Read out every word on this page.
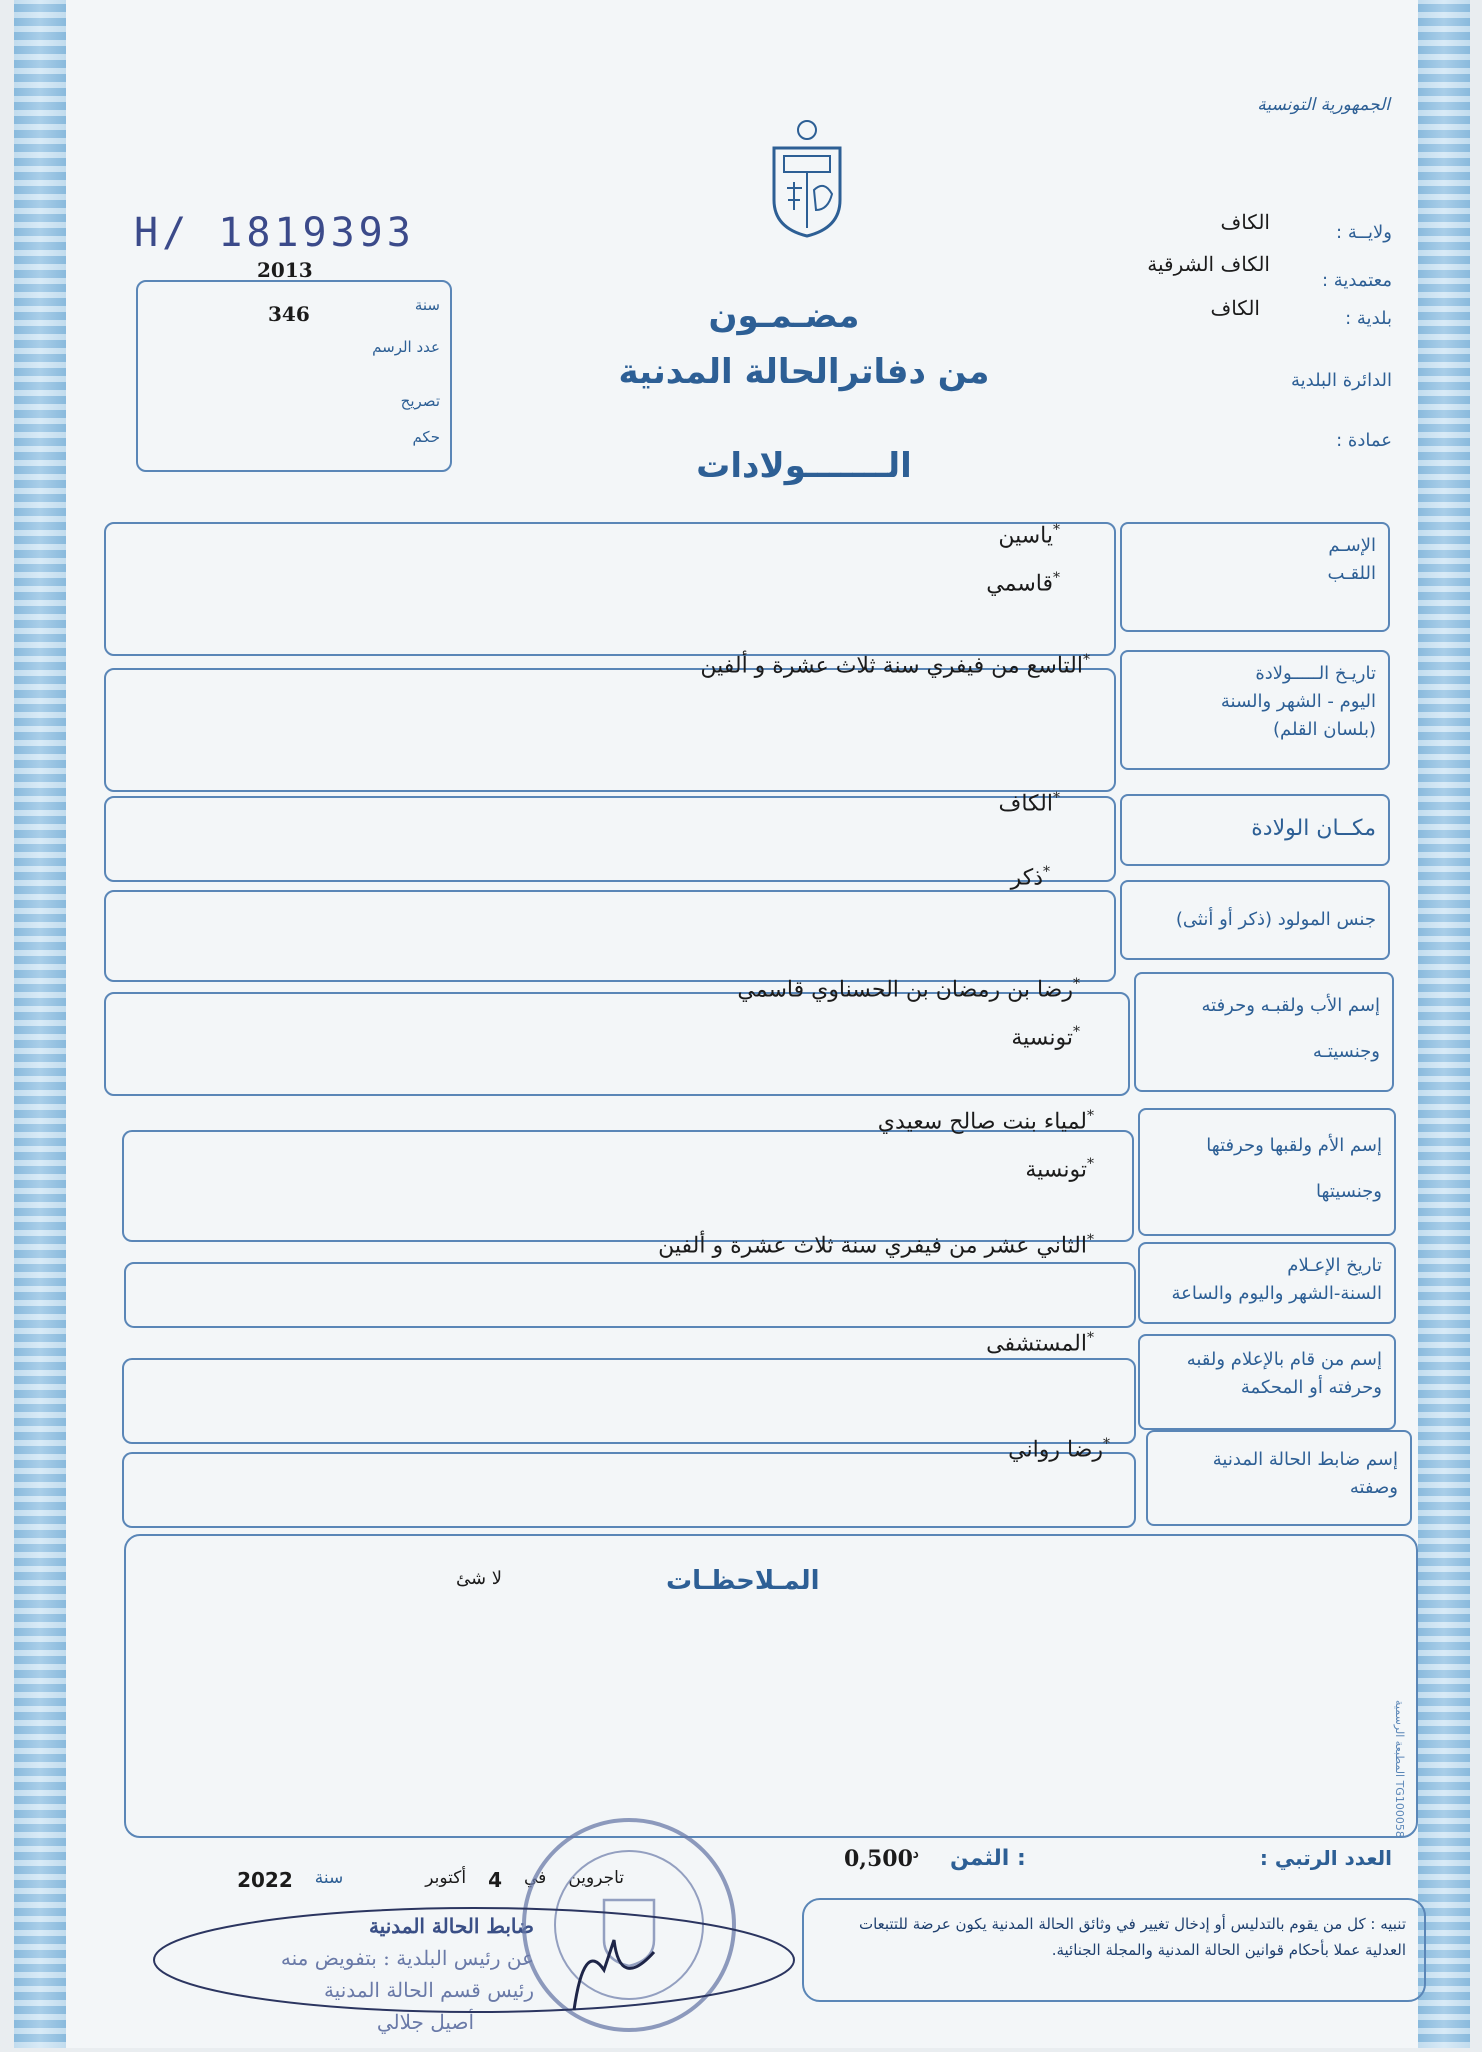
الجمهورية التونسية
ولايــة :
الكاف
معتمدية :
الكاف الشرقية
بلدية :
الكاف
الدائرة البلدية
عمادة :
H/ 1819393
2013
346	سنة
عدد الرسم
تصريح
حكم
مضـمـون
من دفاترالحالة المدنية
الـــــــولادات
الإسـم
اللقـب
*ياسين
*قاسمي
تاريـخ الـــــولادة
اليوم - الشهر والسنة
(بلسان القلم)
*التاسع من فيفري سنة ثلاث عشرة و ألفين
مكــان الولادة
*الكاف
جنس المولود (ذكر أو أنثى)
*ذكر
إسم الأب ولقبـه وحرفته
وجنسيتـه
*رضا بن رمضان بن الحسناوي قاسمي
*تونسية
إسم الأم ولقبها وحرفتها
وجنسيتها
*لمياء بنت صالح سعيدي
*تونسية
تاريخ الإعـلام
السنة-الشهر واليوم والساعة
*الثاني عشر من فيفري سنة ثلاث عشرة و ألفين
إسم من قام بالإعلام ولقبه
وحرفته أو المحكمة
*المستشفى
إسم ضابط الحالة المدنية
وصفته
*رضا رواني
المـلاحظـات
لا شئ
المطبعة الرسمية TG100058
العدد الرتبي :
الثمن :
$0,500^د$
تاجروين
في
4
أكتوبر
سنة
2022
ضابط الحالة المدنية
عن رئيس البلدية : بتفويض منه
رئيس قسم الحالة المدنية
أصيل جلالي
تنبيه : كل من يقوم بالتدليس أو إدخال تغيير في وثائق الحالة المدنية يكون عرضة للتتبعات العدلية عملا بأحكام قوانين الحالة المدنية والمجلة الجنائية.
